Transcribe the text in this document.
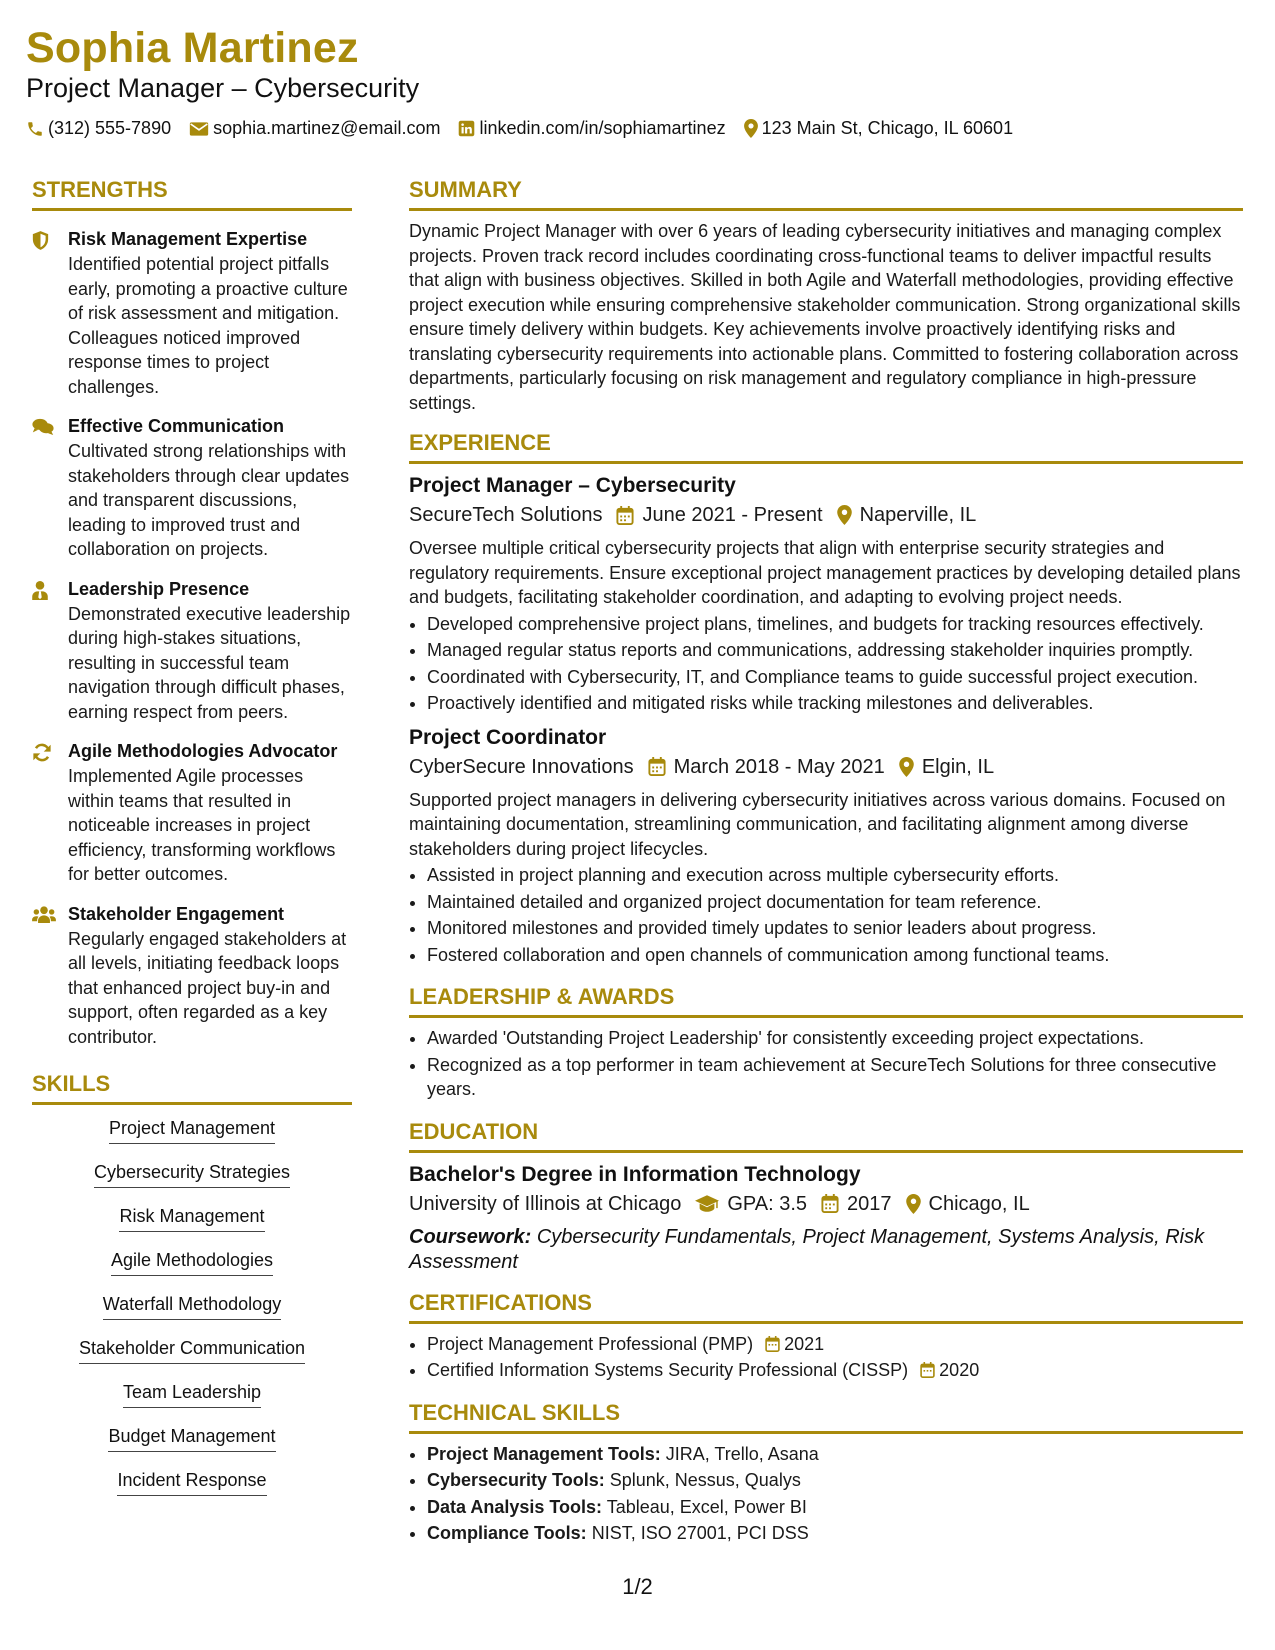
Sophia Martinez
Project Manager – Cybersecurity
(312) 555-7890 sophia.martinez@email.com linkedin.com/in/sophiamartinez 123 Main St, Chicago, IL 60601
STRENGTHS
Risk Management Expertise
Identified potential project pitfalls early, promoting a proactive culture of risk assessment and mitigation. Colleagues noticed improved response times to project challenges.
Effective Communication
Cultivated strong relationships with stakeholders through clear updates and transparent discussions, leading to improved trust and collaboration on projects.
Leadership Presence
Demonstrated executive leadership during high-stakes situations, resulting in successful team navigation through difficult phases, earning respect from peers.
Agile Methodologies Advocator
Implemented Agile processes within teams that resulted in noticeable increases in project efficiency, transforming workflows for better outcomes.
Stakeholder Engagement
Regularly engaged stakeholders at all levels, initiating feedback loops that enhanced project buy-in and support, often regarded as a key contributor.
SKILLS
Project Management
Cybersecurity Strategies
Risk Management
Agile Methodologies
Waterfall Methodology
Stakeholder Communication
Team Leadership
Budget Management
Incident Response
SUMMARY
Dynamic Project Manager with over 6 years of leading cybersecurity initiatives and managing complex projects. Proven track record includes coordinating cross-functional teams to deliver impactful results that align with business objectives. Skilled in both Agile and Waterfall methodologies, providing effective project execution while ensuring comprehensive stakeholder communication. Strong organizational skills ensure timely delivery within budgets. Key achievements involve proactively identifying risks and translating cybersecurity requirements into actionable plans. Committed to fostering collaboration across departments, particularly focusing on risk management and regulatory compliance in high-pressure settings.
EXPERIENCE
Project Manager – Cybersecurity
SecureTech Solutions June 2021 - Present Naperville, IL
Oversee multiple critical cybersecurity projects that align with enterprise security strategies and regulatory requirements. Ensure exceptional project management practices by developing detailed plans and budgets, facilitating stakeholder coordination, and adapting to evolving project needs.
• Developed comprehensive project plans, timelines, and budgets for tracking resources effectively.
• Managed regular status reports and communications, addressing stakeholder inquiries promptly.
• Coordinated with Cybersecurity, IT, and Compliance teams to guide successful project execution.
• Proactively identified and mitigated risks while tracking milestones and deliverables.
Project Coordinator
CyberSecure Innovations March 2018 - May 2021 Elgin, IL
Supported project managers in delivering cybersecurity initiatives across various domains. Focused on maintaining documentation, streamlining communication, and facilitating alignment among diverse stakeholders during project lifecycles.
• Assisted in project planning and execution across multiple cybersecurity efforts.
• Maintained detailed and organized project documentation for team reference.
• Monitored milestones and provided timely updates to senior leaders about progress.
• Fostered collaboration and open channels of communication among functional teams.
LEADERSHIP & AWARDS
• Awarded 'Outstanding Project Leadership' for consistently exceeding project expectations.
• Recognized as a top performer in team achievement at SecureTech Solutions for three consecutive years.
EDUCATION
Bachelor's Degree in Information Technology
University of Illinois at Chicago GPA: 3.5 2017 Chicago, IL
Coursework: Cybersecurity Fundamentals, Project Management, Systems Analysis, Risk Assessment
CERTIFICATIONS
• Project Management Professional (PMP) 2021
• Certified Information Systems Security Professional (CISSP) 2020
TECHNICAL SKILLS
• Project Management Tools: JIRA, Trello, Asana
• Cybersecurity Tools: Splunk, Nessus, Qualys
• Data Analysis Tools: Tableau, Excel, Power BI
• Compliance Tools: NIST, ISO 27001, PCI DSS
1/2
